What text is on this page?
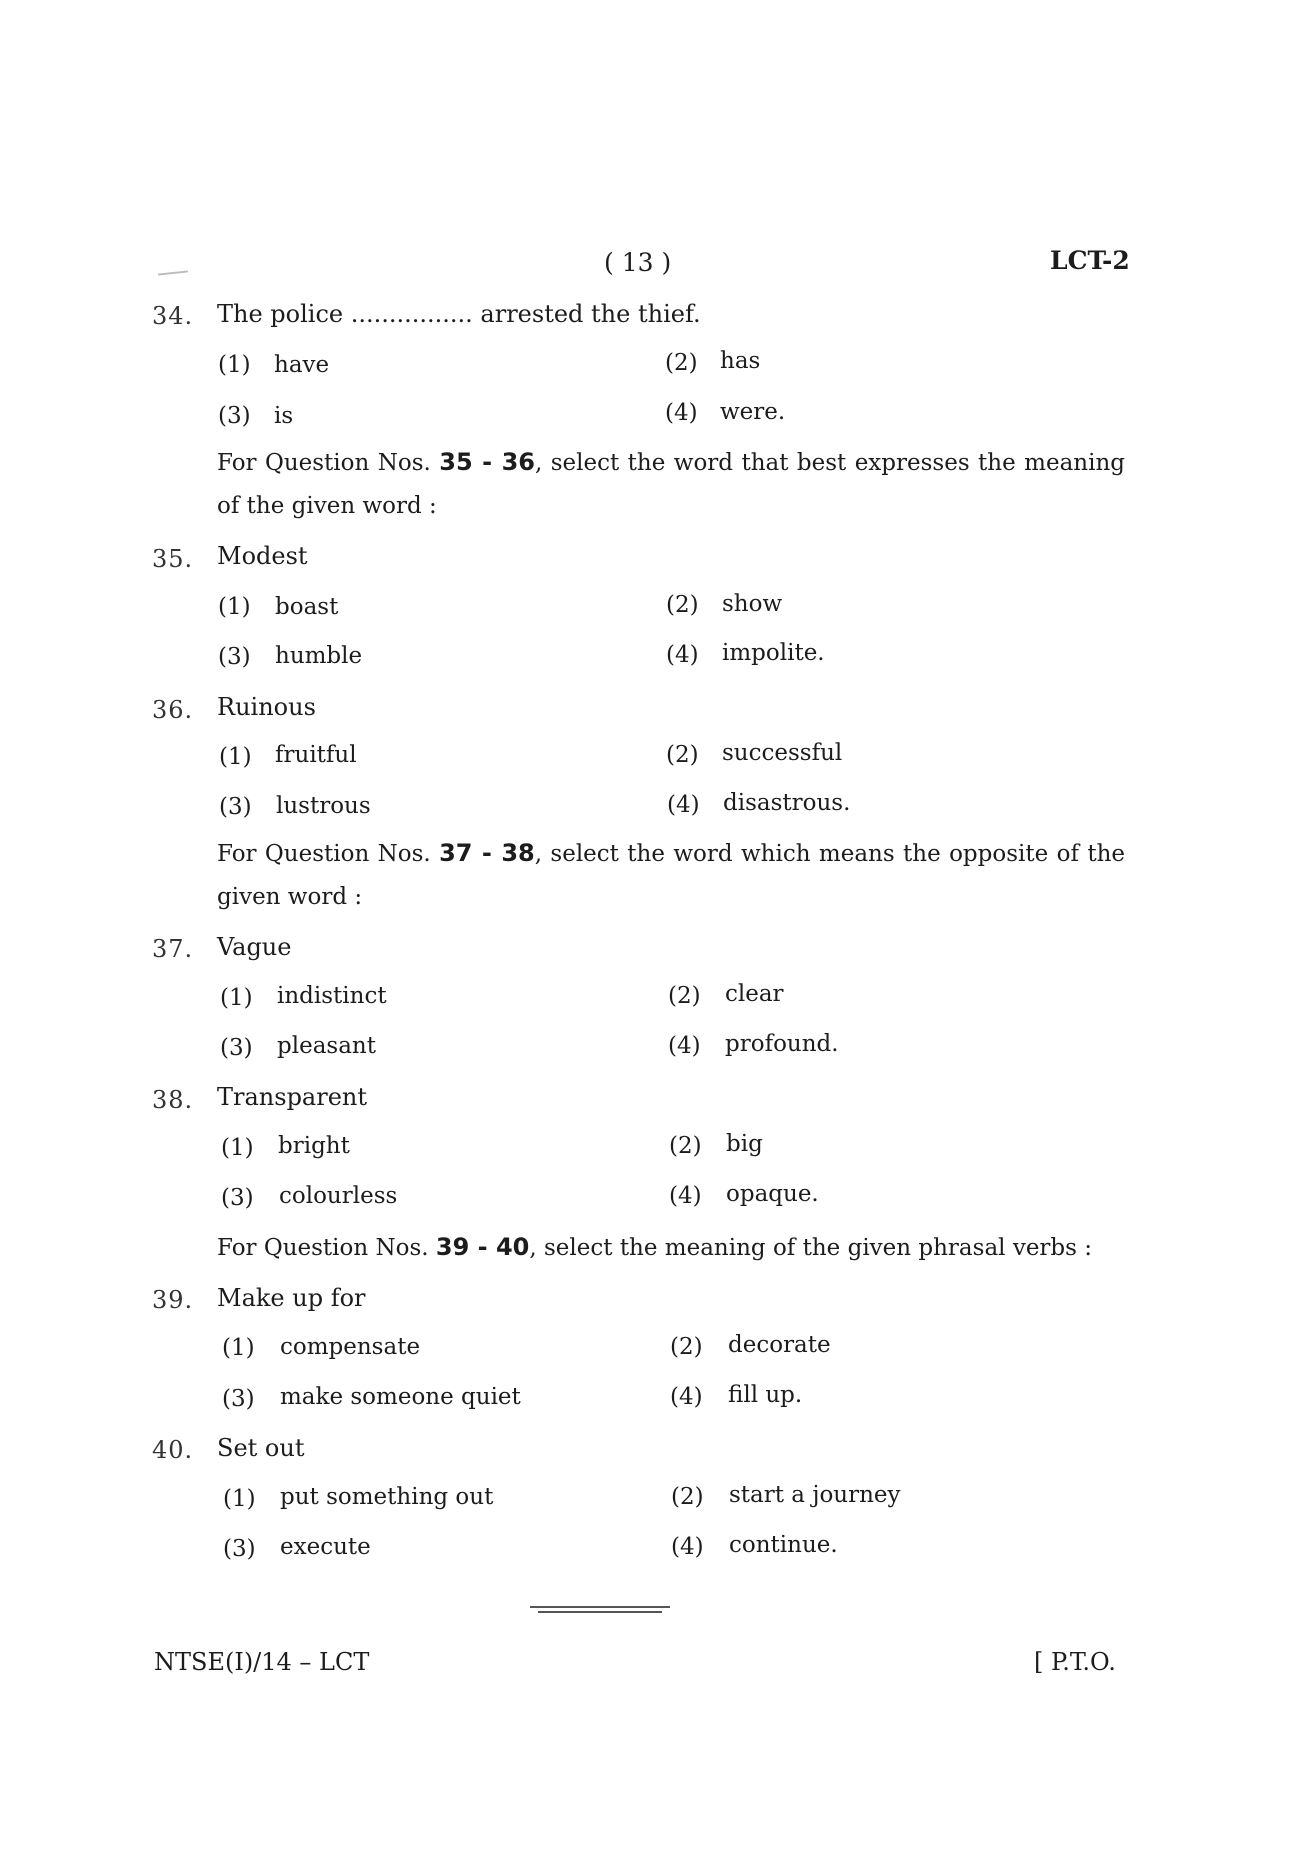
( 13 )	LCT-2
34. The police ................ arrested the thief.
(1) have	(2) has
(3) is	(4) were.
For Question Nos. 35 - 36, select the word that best expresses the meaning of the given word :
35. Modest
(1) boast	(2) show
(3) humble	(4) impolite.
36. Ruinous
(1) fruitful	(2) successful
(3) lustrous	(4) disastrous.
For Question Nos. 37 - 38, select the word which means the opposite of the given word :
37. Vague
(1) indistinct	(2) clear
(3) pleasant	(4) profound.
38. Transparent
(1) bright	(2) big
(3) colourless	(4) opaque.
For Question Nos. 39 - 40, select the meaning of the given phrasal verbs :
39. Make up for
(1) compensate	(2) decorate
(3) make someone quiet	(4) fill up.
40. Set out
(1) put something out	(2) start a journey
(3) execute	(4) continue.
NTSE(I)/14 – LCT	[ P.T.O.
